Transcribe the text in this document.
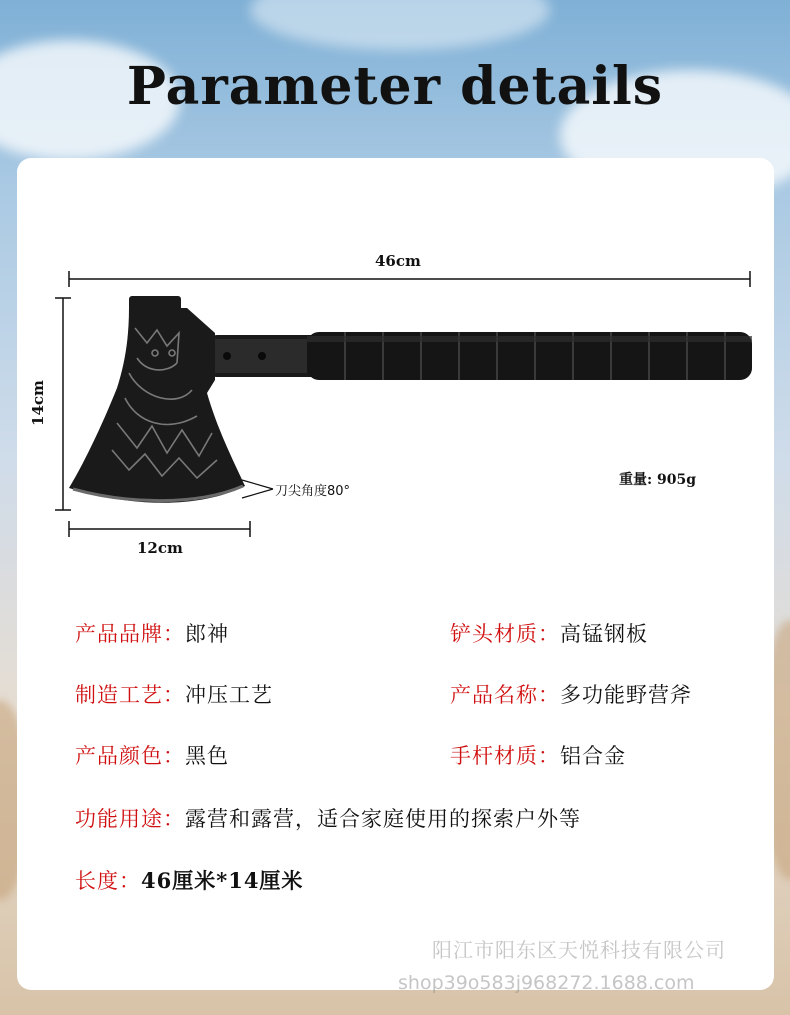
Parameter details
46cm
14cm
12cm
刀尖角度80°
重量: 905g
产品品牌：郎神	铲头材质：高锰钢板
制造工艺：冲压工艺	产品名称：多功能野营斧
产品颜色：黑色	手杆材质：铝合金
功能用途：露营和露营，适合家庭使用的探索户外等
长度：46厘米*14厘米
阳江市阳东区天悦科技有限公司
shop39o583j968272.1688.com
